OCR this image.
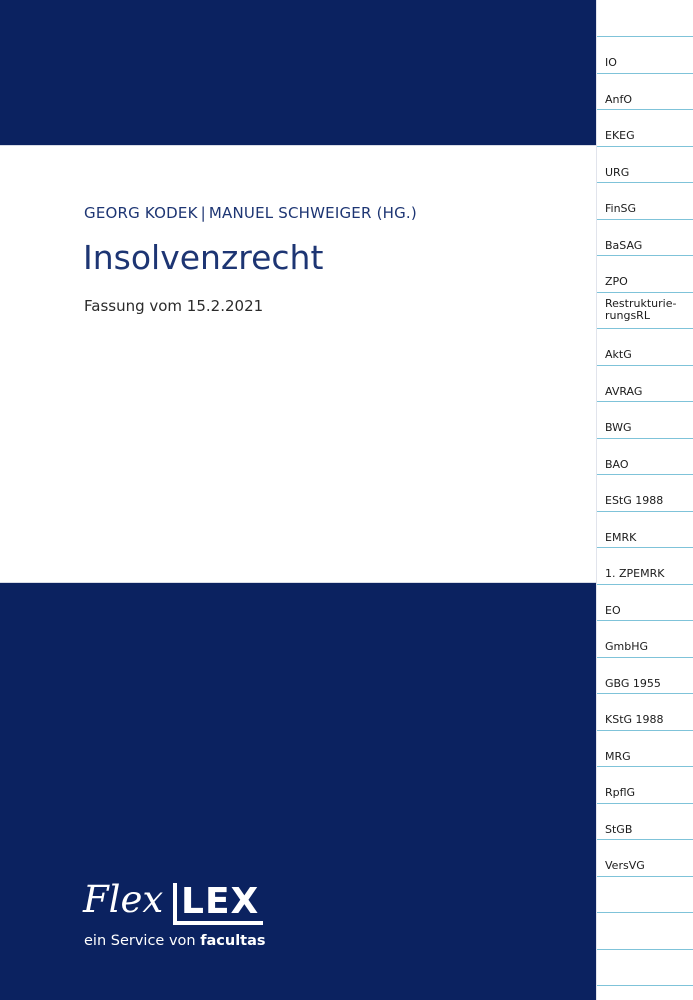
GEORG KODEK | MANUEL SCHWEIGER (HG.)
Insolvenzrecht
Fassung vom 15.2.2021
Flex LEX
ein Service von facultas
IO
AnfO
EKEG
URG
FinSG
BaSAG
ZPO
Restrukturie-
rungsRL
AktG
AVRAG
BWG
BAO
EStG 1988
EMRK
1. ZPEMRK
EO
GmbHG
GBG 1955
KStG 1988
MRG
RpflG
StGB
VersVG
